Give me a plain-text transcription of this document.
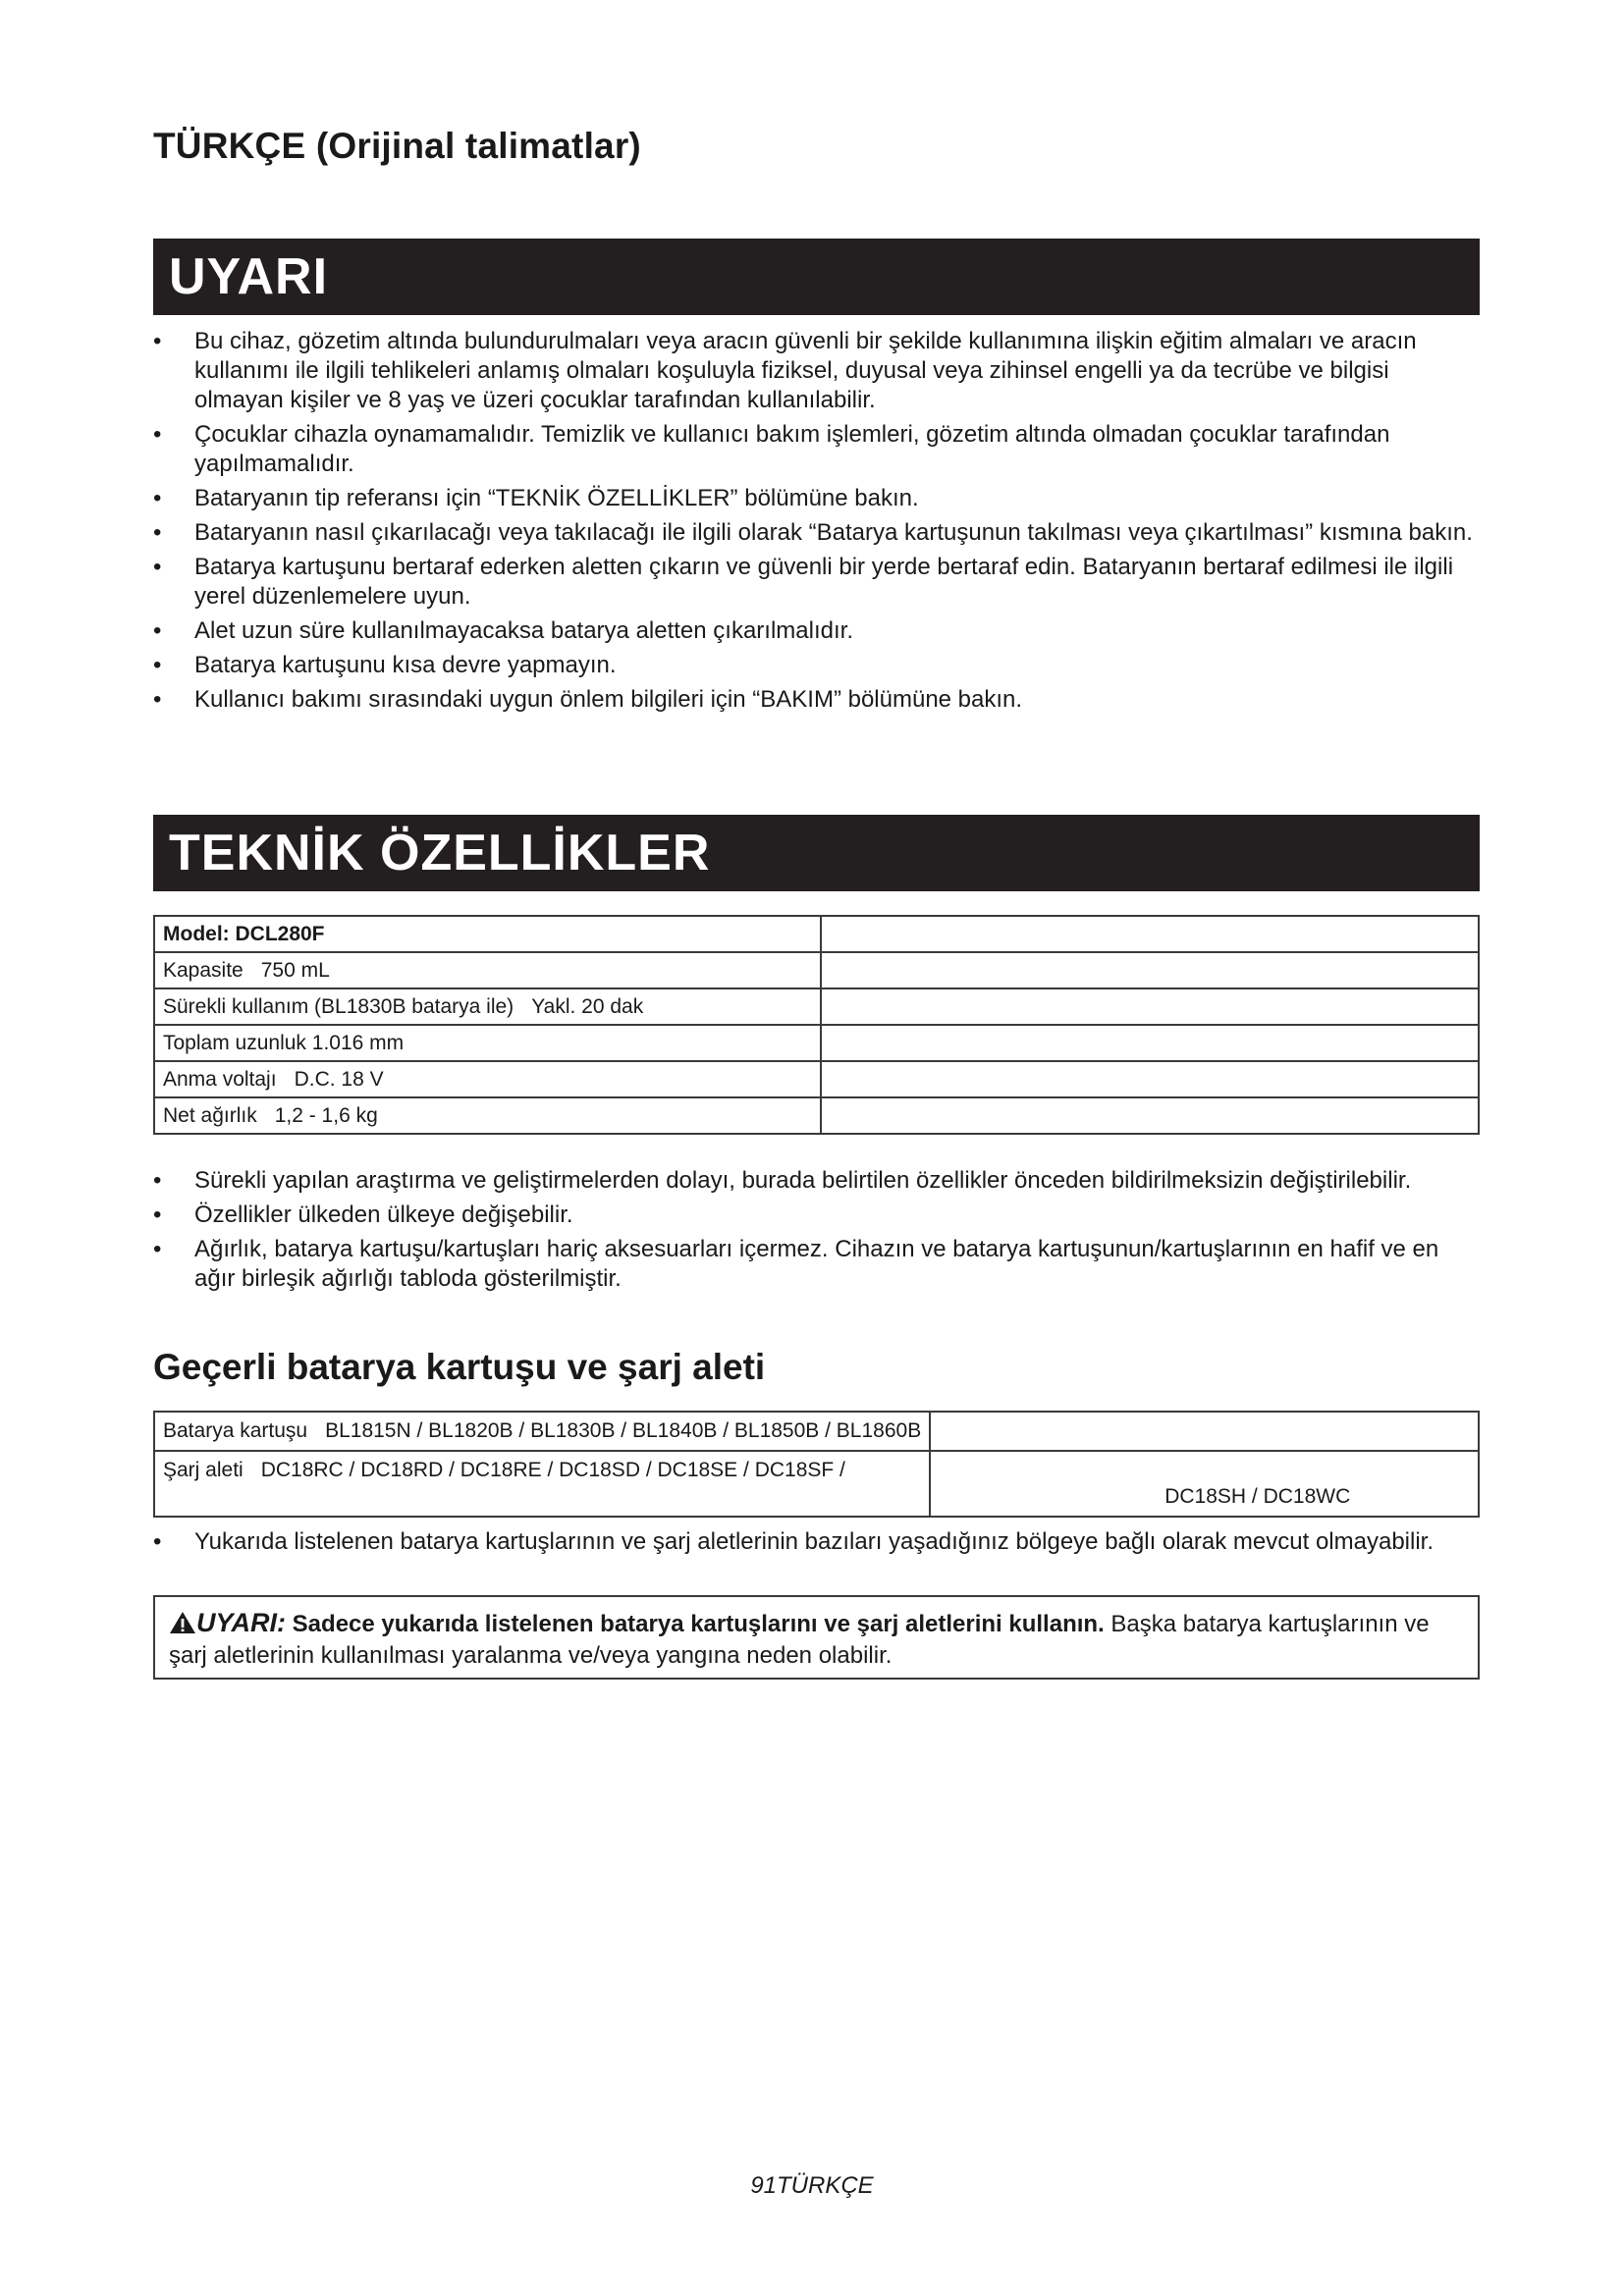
TÜRKÇE (Orijinal talimatlar)
UYARI
• Bu cihaz, gözetim altında bulundurulmaları veya aracın güvenli bir şekilde kullanımına ilişkin eğitim almaları ve aracın kullanımı ile ilgili tehlikeleri anlamış olmaları koşuluyla fiziksel, duyusal veya zihinsel engelli ya da tecrübe ve bilgisi olmayan kişiler ve 8 yaş ve üzeri çocuklar tarafından kullanılabilir.
• Çocuklar cihazla oynamamalıdır. Temizlik ve kullanıcı bakım işlemleri, gözetim altında olmadan çocuklar tarafından yapılmamalıdır.
• Bataryanın tip referansı için “TEKNİK ÖZELLİKLER” bölümüne bakın.
• Bataryanın nasıl çıkarılacağı veya takılacağı ile ilgili olarak “Batarya kartuşunun takılması veya çıkartılması” kısmına bakın.
• Batarya kartuşunu bertaraf ederken aletten çıkarın ve güvenli bir yerde bertaraf edin. Bataryanın bertaraf edilmesi ile ilgili yerel düzenlemelere uyun.
• Alet uzun süre kullanılmayacaksa batarya aletten çıkarılmalıdır.
• Batarya kartuşunu kısa devre yapmayın.
• Kullanıcı bakımı sırasındaki uygun önlem bilgileri için “BAKIM” bölümüne bakın.
TEKNİK ÖZELLİKLER
Model: DCL280F	
Kapasite 750 mL	
Sürekli kullanım (BL1830B batarya ile) Yakl. 20 dak	
Toplam uzunluk 1.016 mm	
Anma voltajı D.C. 18 V	
Net ağırlık 1,2 - 1,6 kg	
• Sürekli yapılan araştırma ve geliştirmelerden dolayı, burada belirtilen özellikler önceden bildirilmeksizin değiştirilebilir.
• Özellikler ülkeden ülkeye değişebilir.
• Ağırlık, batarya kartuşu/kartuşları hariç aksesuarları içermez. Cihazın ve batarya kartuşunun/kartuşlarının en hafif ve en ağır birleşik ağırlığı tabloda gösterilmiştir.
Geçerli batarya kartuşu ve şarj aleti
Batarya kartuşu BL1815N / BL1820B / BL1830B / BL1840B / BL1850B / BL1860B	
Şarj aleti DC18RC / DC18RD / DC18RE / DC18SD / DC18SE / DC18SF /	DC18SH / DC18WC
• Yukarıda listelenen batarya kartuşlarının ve şarj aletlerinin bazıları yaşadığınız bölgeye bağlı olarak mevcut olmayabilir.
UYARI: Sadece yukarıda listelenen batarya kartuşlarını ve şarj aletlerini kullanın. Başka batarya kartuşlarının ve şarj aletlerinin kullanılması yaralanma ve/veya yangına neden olabilir.
91TÜRKÇE
